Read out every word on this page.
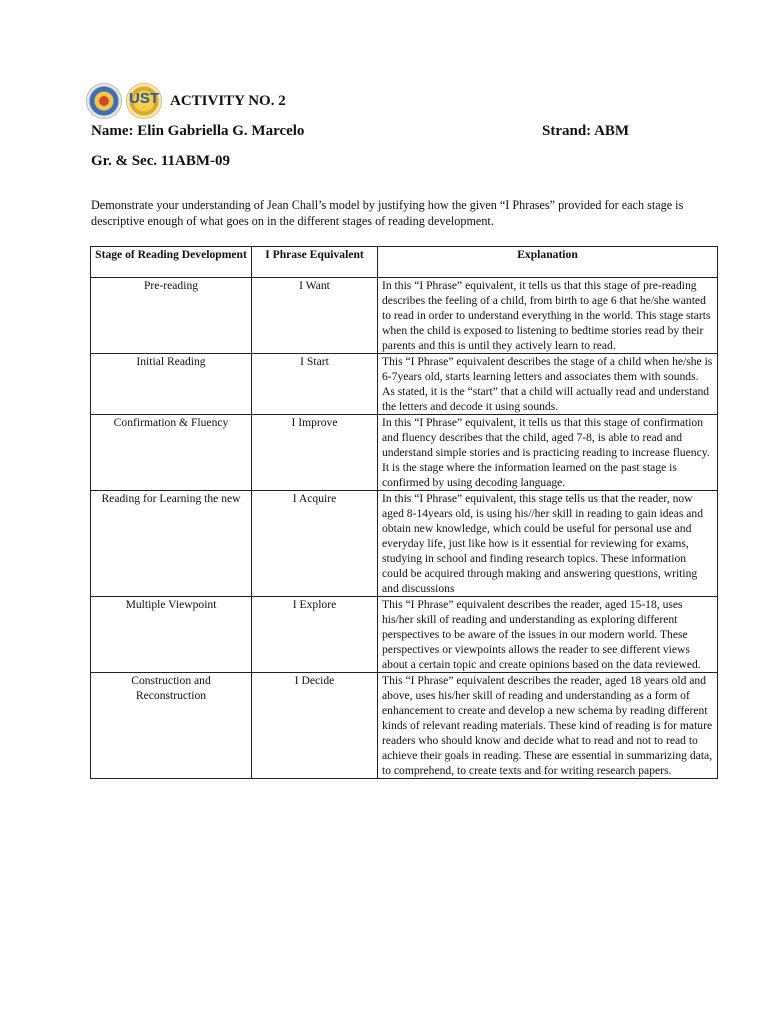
UST ACTIVITY NO. 2
Name: Elin Gabriella G. Marcelo	Strand: ABM
Gr. & Sec. 11ABM-09
Demonstrate your understanding of Jean Chall’s model by justifying how the given “I Phrases” provided for each stage is descriptive enough of what goes on in the different stages of reading development.
Stage of Reading Development	I Phrase Equivalent	Explanation
Pre-reading	I Want	In this “I Phrase” equivalent, it tells us that this stage of pre-reading describes the feeling of a child, from birth to age 6 that he/she wanted to read in order to understand everything in the world. This stage starts when the child is exposed to listening to bedtime stories read by their parents and this is until they actively learn to read.
Initial Reading	I Start	This “I Phrase” equivalent describes the stage of a child when he/she is 6-7years old, starts learning letters and associates them with sounds. As stated, it is the “start” that a child will actually read and understand the letters and decode it using sounds.
Confirmation & Fluency	I Improve	In this “I Phrase” equivalent, it tells us that this stage of confirmation and fluency describes that the child, aged 7-8, is able to read and understand simple stories and is practicing reading to increase fluency. It is the stage where the information learned on the past stage is confirmed by using decoding language.
Reading for Learning the new	I Acquire	In this “I Phrase” equivalent, this stage tells us that the reader, now aged 8-14years old, is using his//her skill in reading to gain ideas and obtain new knowledge, which could be useful for personal use and everyday life, just like how is it essential for reviewing for exams, studying in school and finding research topics. These information could be acquired through making and answering questions, writing and discussions
Multiple Viewpoint	I Explore	This “I Phrase” equivalent describes the reader, aged 15-18, uses his/her skill of reading and understanding as exploring different perspectives to be aware of the issues in our modern world. These perspectives or viewpoints allows the reader to see different views about a certain topic and create opinions based on the data reviewed.
Construction and Reconstruction	I Decide	This “I Phrase” equivalent describes the reader, aged 18 years old and above, uses his/her skill of reading and understanding as a form of enhancement to create and develop a new schema by reading different kinds of relevant reading materials. These kind of reading is for mature readers who should know and decide what to read and not to read to achieve their goals in reading. These are essential in summarizing data, to comprehend, to create texts and for writing research papers.
